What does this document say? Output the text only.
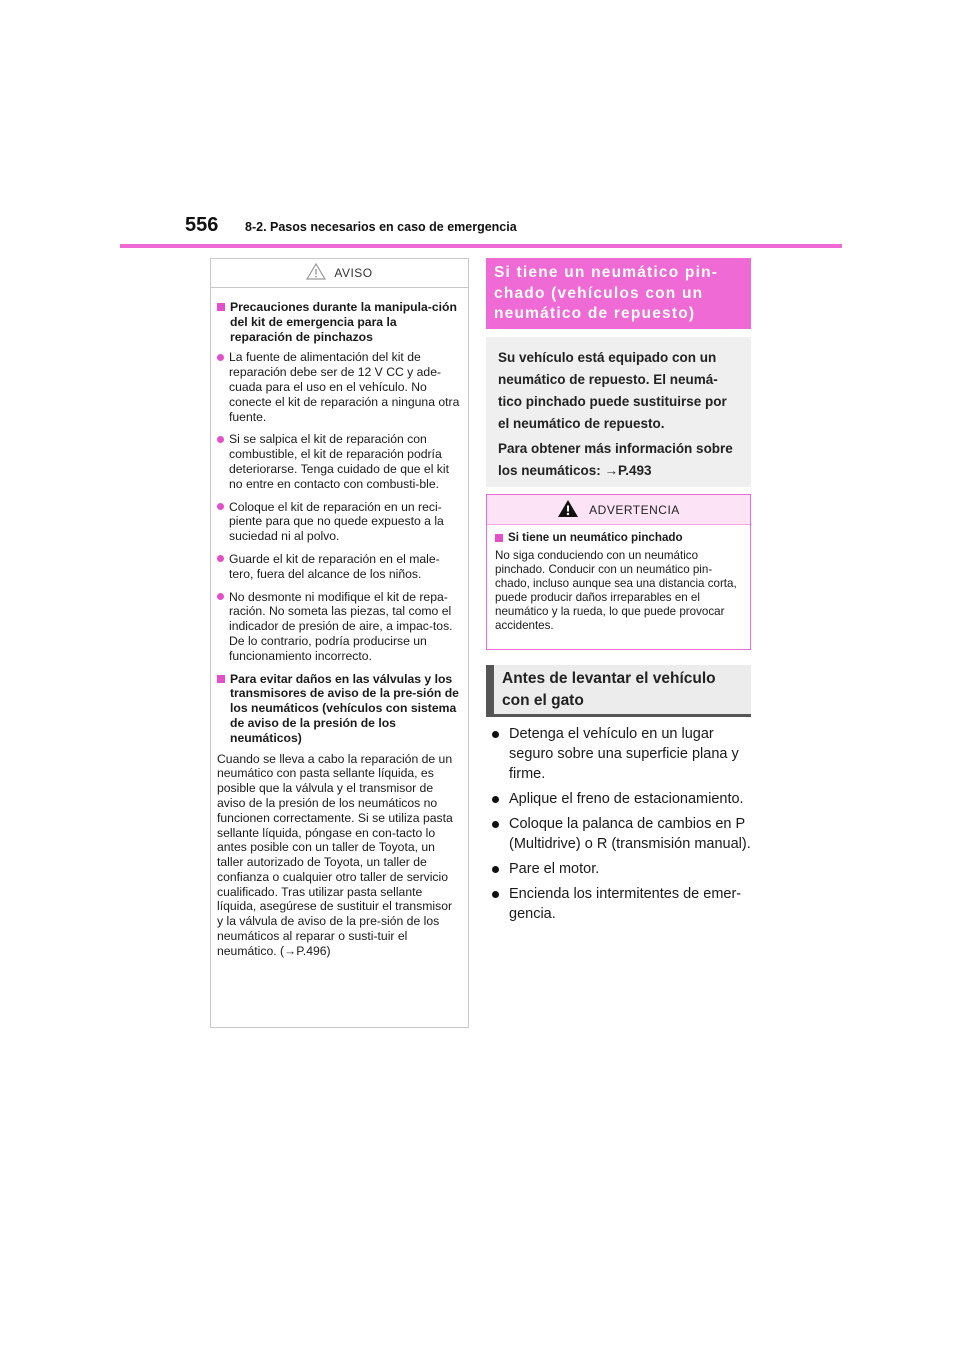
556 8-2. Pasos necesarios en caso de emergencia
AVISO
Precauciones durante la manipula-ción del kit de emergencia para la reparación de pinchazos
La fuente de alimentación del kit de reparación debe ser de 12 V CC y ade-cuada para el uso en el vehículo. No conecte el kit de reparación a ninguna otra fuente.
Si se salpica el kit de reparación con combustible, el kit de reparación podría deteriorarse. Tenga cuidado de que el kit no entre en contacto con combusti-ble.
Coloque el kit de reparación en un reci-piente para que no quede expuesto a la suciedad ni al polvo.
Guarde el kit de reparación en el male-tero, fuera del alcance de los niños.
No desmonte ni modifique el kit de repa-ración. No someta las piezas, tal como el indicador de presión de aire, a impac-tos. De lo contrario, podría producirse un funcionamiento incorrecto.
Para evitar daños en las válvulas y los transmisores de aviso de la pre-sión de los neumáticos (vehículos con sistema de aviso de la presión de los neumáticos)

Cuando se lleva a cabo la reparación de un neumático con pasta sellante líquida, es posible que la válvula y el transmisor de aviso de la presión de los neumáticos no funcionen correctamente. Si se utiliza pasta sellante líquida, póngase en con-tacto lo antes posible con un taller de Toyota, un taller autorizado de Toyota, un taller de confianza o cualquier otro taller de servicio cualificado. Tras utilizar pasta sellante líquida, asegúrese de sustituir el transmisor y la válvula de aviso de la pre-sión de los neumáticos al reparar o susti-tuir el neumático. (→P.496)

Si tiene un neumático pin-chado (vehículos con un neumático de repuesto)

Su vehículo está equipado con un neumático de repuesto. El neumá-tico pinchado puede sustituirse por el neumático de repuesto.

Para obtener más información sobre los neumáticos: →P.493

ADVERTENCIA
Si tiene un neumático pinchado

No siga conduciendo con un neumático pinchado. Conducir con un neumático pin-chado, incluso aunque sea una distancia corta, puede producir daños irreparables en el neumático y la rueda, lo que puede provocar accidentes.

Antes de levantar el vehículo con el gato
Detenga el vehículo en un lugar seguro sobre una superficie plana y firme.
Aplique el freno de estacionamiento.
Coloque la palanca de cambios en P (Multidrive) o R (transmisión manual).
Pare el motor.
Encienda los intermitentes de emer-gencia.
